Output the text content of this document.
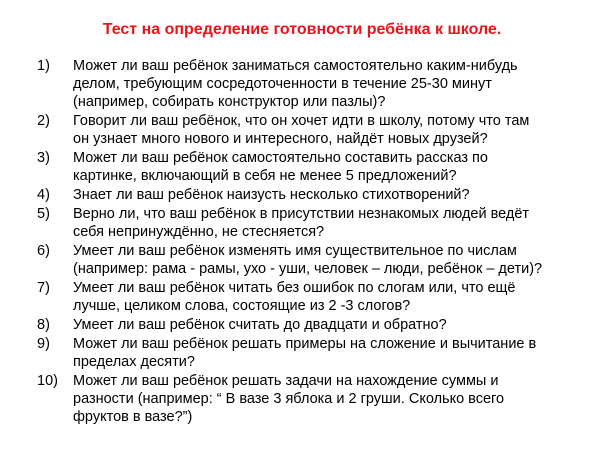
Тест на определение готовности ребёнка к школе.
1)	Может ли ваш ребёнок заниматься самостоятельно каким-нибудь
делом, требующим сосредоточенности в течение 25-30 минут
(например, собирать конструктор или пазлы)?
2)	Говорит ли ваш ребёнок, что он хочет идти в школу, потому что там
он узнает много нового и интересного, найдёт новых друзей?
3)	Может ли ваш ребёнок самостоятельно составить рассказ по
картинке, включающий в себя не менее 5 предложений?
4)	Знает ли ваш ребёнок наизусть несколько стихотворений?
5)	Верно ли, что ваш ребёнок в присутствии незнакомых людей ведёт
себя непринуждённо, не стесняется?
6)	Умеет ли ваш ребёнок изменять имя существительное по числам
(например: рама - рамы, ухо - уши, человек – люди, ребёнок – дети)?
7)	Умеет ли ваш ребёнок читать без ошибок по слогам или, что ещё
лучше, целиком слова, состоящие из 2 -3 слогов?
8)	Умеет ли ваш ребёнок считать до двадцати и обратно?
9)	Может ли ваш ребёнок решать примеры на сложение и вычитание в
пределах десяти?
10)	Может ли ваш ребёнок решать задачи на нахождение суммы и
разности (например: “ В вазе 3 яблока и 2 груши. Сколько всего
фруктов в вазе?”)
